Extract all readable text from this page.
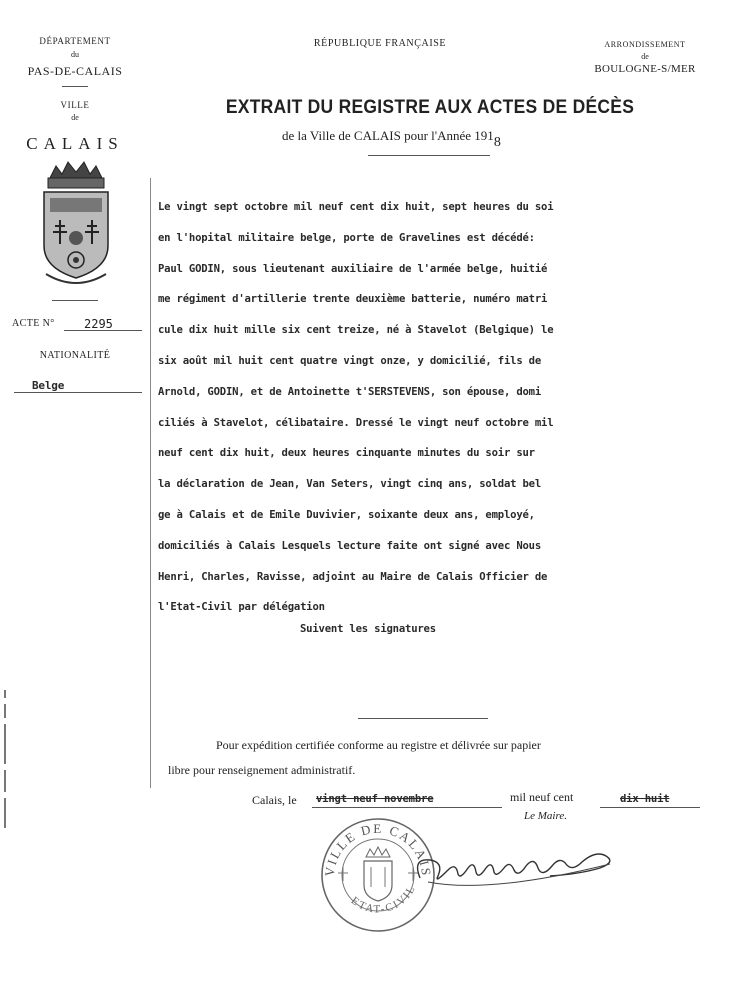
DÉPARTEMENT
du
PAS-DE-CALAIS
VILLE
de
CALAIS
ACTE N° 2295
NATIONALITÉ
Belge
RÉPUBLIQUE FRANÇAISE	ARRONDISSEMENT
de
BOULOGNE-S/MER
EXTRAIT DU REGISTRE AUX ACTES DE DÉCÈS
de la Ville de CALAIS pour l'Année 1918
Le vingt sept octobre mil neuf cent dix huit, sept heures du soi
en l'hopital militaire belge, porte de Gravelines est décédé:
Paul GODIN, sous lieutenant auxiliaire de l'armée belge, huitié
me régiment d'artillerie trente deuxième batterie, numéro matri
cule dix huit mille six cent treize, né à Stavelot (Belgique) le
six août mil huit cent quatre vingt onze, y domicilié, fils de
Arnold, GODIN, et de Antoinette t'SERSTEVENS, son épouse, domi
ciliés à Stavelot, célibataire. Dressé le vingt neuf octobre mil
neuf cent dix huit, deux heures cinquante minutes du soir sur
la déclaration de Jean, Van Seters, vingt cinq ans, soldat bel
ge à Calais et de Emile Duvivier, soixante deux ans, employé,
domiciliés à Calais Lesquels lecture faite ont signé avec Nous
Henri, Charles, Ravisse, adjoint au Maire de Calais Officier de
l'Etat-Civil par délégation
Suivent les signatures
Pour expédition certifiée conforme au registre et délivrée sur papier
libre pour renseignement administratif.
Calais, le vingt neuf novembre	mil neuf cent	dix huit
Le Maire.
VILLE DE CALAIS
ETAT-CIVIL
